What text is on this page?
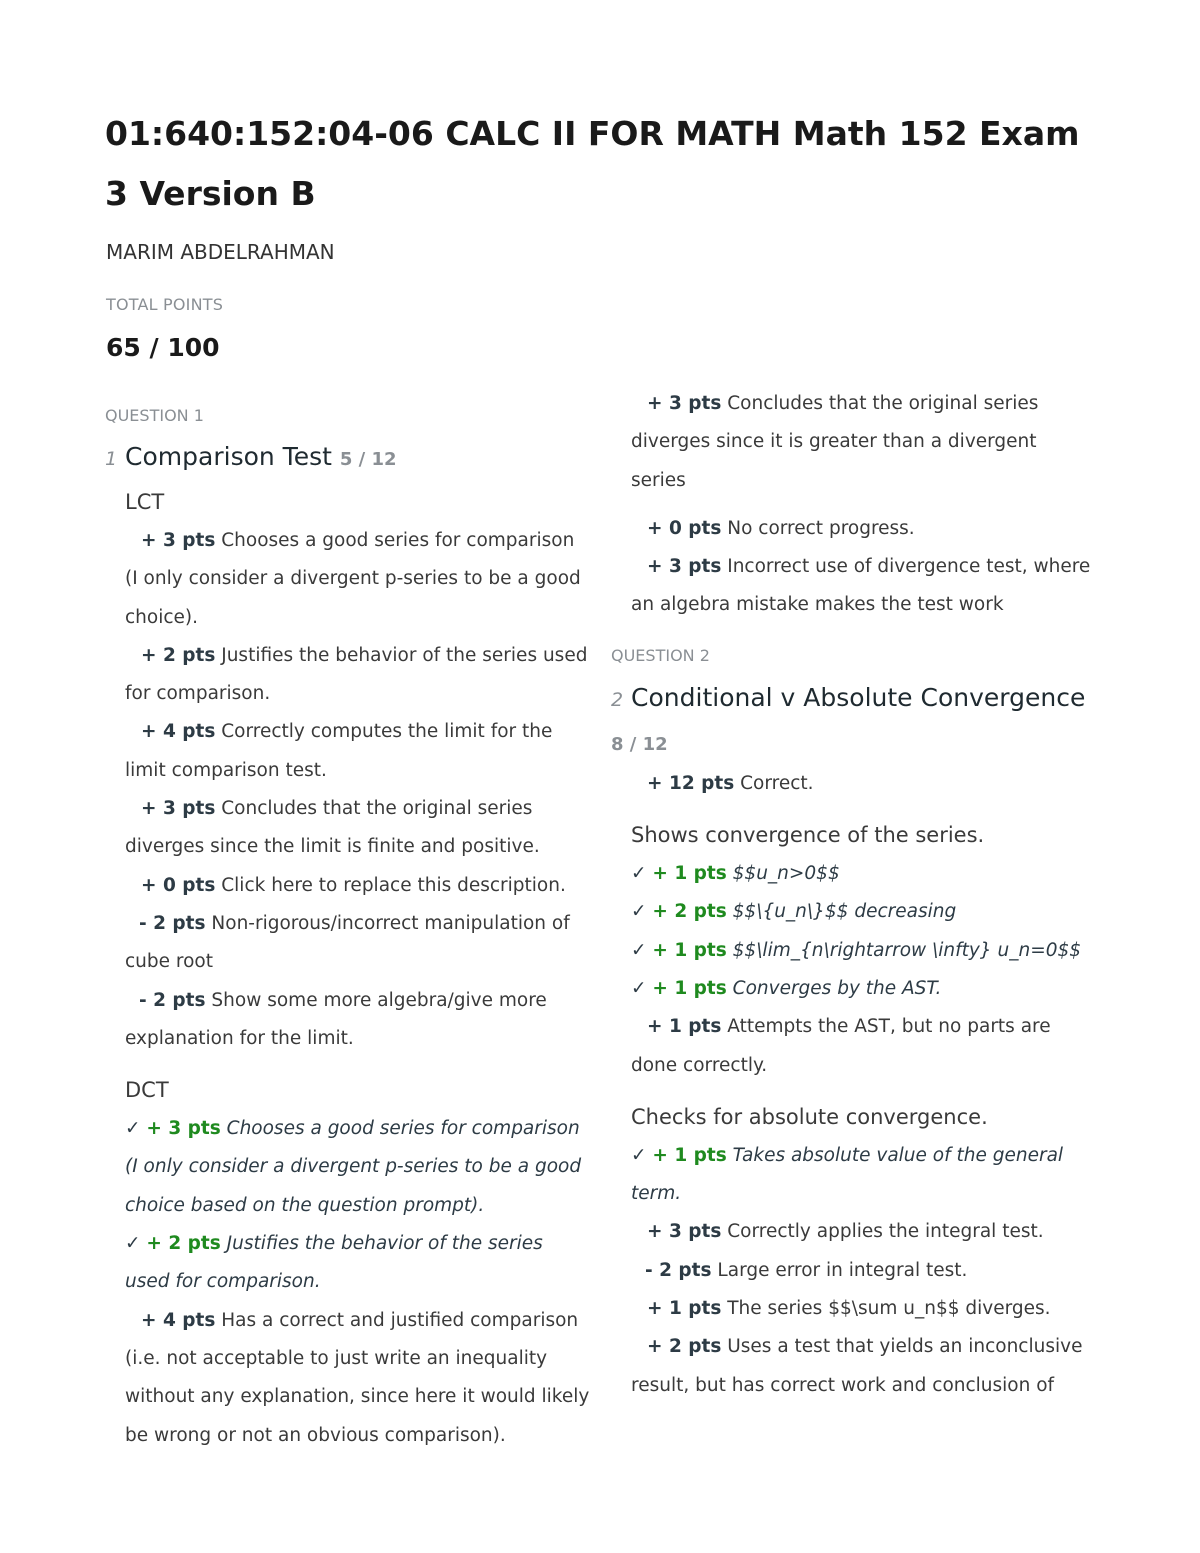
01:640:152:04-06 CALC II FOR MATH Math 152 Exam 3 Version B
MARIM ABDELRAHMAN
TOTAL POINTS
65 / 100
QUESTION 1
1 Comparison Test 5 / 12
LCT
+ 3 pts Chooses a good series for comparison (I only consider a divergent p-series to be a good choice).
+ 2 pts Justifies the behavior of the series used for comparison.
+ 4 pts Correctly computes the limit for the limit comparison test.
+ 3 pts Concludes that the original series diverges since the limit is finite and positive.
+ 0 pts Click here to replace this description.
- 2 pts Non-rigorous/incorrect manipulation of cube root
- 2 pts Show some more algebra/give more explanation for the limit.
DCT
✓ + 3 pts Chooses a good series for comparison (I only consider a divergent p-series to be a good choice based on the question prompt).
✓ + 2 pts Justifies the behavior of the series used for comparison.
+ 4 pts Has a correct and justified comparison (i.e. not acceptable to just write an inequality without any explanation, since here it would likely be wrong or not an obvious comparison).
+ 3 pts Concludes that the original series diverges since it is greater than a divergent series
+ 0 pts No correct progress.
+ 3 pts Incorrect use of divergence test, where an algebra mistake makes the test work
QUESTION 2
2 Conditional v Absolute Convergence 8 / 12
+ 12 pts Correct.
Shows convergence of the series.
✓ + 1 pts $$u_n>0$$
✓ + 2 pts $$\{u_n\}$$ decreasing
✓ + 1 pts $$\lim_{n\rightarrow \infty} u_n=0$$
✓ + 1 pts Converges by the AST.
+ 1 pts Attempts the AST, but no parts are done correctly.
Checks for absolute convergence.
✓ + 1 pts Takes absolute value of the general term.
+ 3 pts Correctly applies the integral test.
- 2 pts Large error in integral test.
+ 1 pts The series $$\sum u_n$$ diverges.
+ 2 pts Uses a test that yields an inconclusive result, but has correct work and conclusion of
